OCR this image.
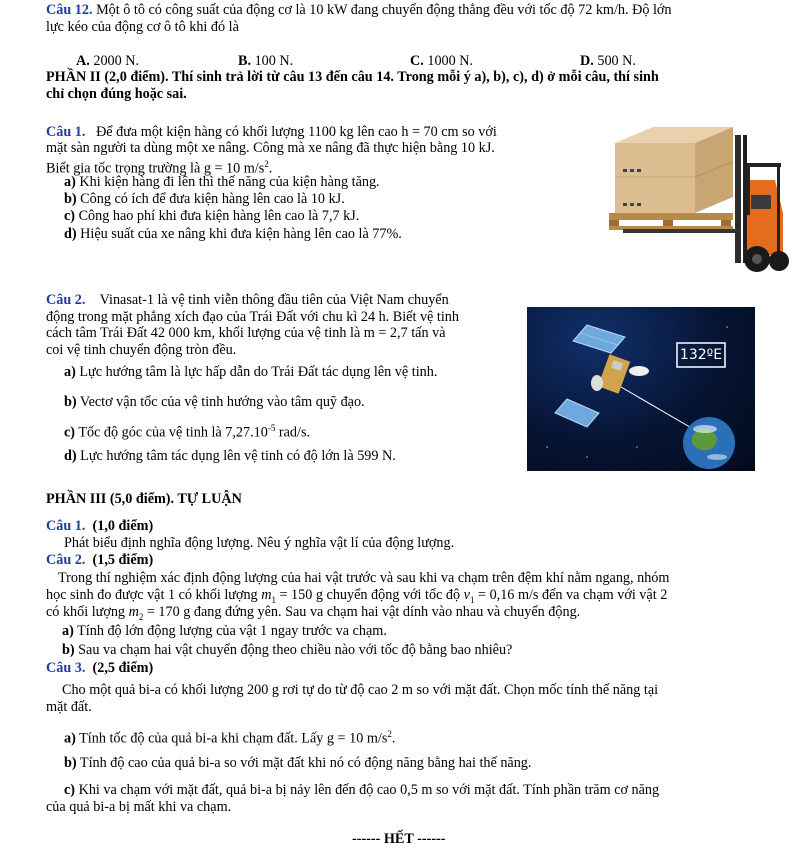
Câu 12. Một ô tô có công suất của động cơ là 10 kW đang chuyển động thẳng đều với tốc độ 72 km/h. Độ lớn
lực kéo của động cơ ô tô khi đó là
A. 2000 N.	B. 100 N.	C. 1000 N.	D. 500 N.
PHẦN II (2,0 điểm). Thí sinh trả lời từ câu 13 đến câu 14. Trong mỗi ý a), b), c), d) ở mỗi câu, thí sinh
chỉ chọn đúng hoặc sai.
Câu 1. Để đưa một kiện hàng có khối lượng 1100 kg lên cao h = 70 cm so với
mặt sàn người ta dùng một xe nâng. Công mà xe nâng đã thực hiện bằng 10 kJ.
Biết gia tốc trọng trường là g = 10 $m/s^2$.
a) Khi kiện hàng đi lên thì thế năng của kiện hàng tăng.
b) Công có ích để đưa kiện hàng lên cao là 10 kJ.
c) Công hao phí khi đưa kiện hàng lên cao là 7,7 kJ.
d) Hiệu suất của xe nâng khi đưa kiện hàng lên cao là 77%.
Câu 2. Vinasat-1 là vệ tinh viễn thông đầu tiên của Việt Nam chuyển
động trong mặt phẳng xích đạo của Trái Đất với chu kì 24 h. Biết vệ tinh
cách tâm Trái Đất 42 000 km, khối lượng của vệ tinh là m = 2,7 tấn và
coi vệ tinh chuyển động tròn đều.
a) Lực hướng tâm là lực hấp dẫn do Trái Đất tác dụng lên vệ tinh.
b) Vectơ vận tốc của vệ tinh hướng vào tâm quỹ đạo.
c) Tốc độ góc của vệ tinh là $7,27.10^{-5}$ rad/s.
d) Lực hướng tâm tác dụng lên vệ tinh có độ lớn là 599 N.
132ºE
PHẦN III (5,0 điểm). TỰ LUẬN
Câu 1. (1,0 điểm)
Phát biểu định nghĩa động lượng. Nêu ý nghĩa vật lí của động lượng.
Câu 2. (1,5 điểm)
Trong thí nghiệm xác định động lượng của hai vật trước và sau khi va chạm trên đệm khí nằm ngang, nhóm
học sinh đo được vật 1 có khối lượng $m_1 = 150$ g chuyển động với tốc độ $v_1 = 0,16$ m/s đến va chạm với vật 2
có khối lượng $m_2 = 170$ g đang đứng yên. Sau va chạm hai vật dính vào nhau và chuyển động.
a) Tính độ lớn động lượng của vật 1 ngay trước va chạm.
b) Sau va chạm hai vật chuyển động theo chiều nào với tốc độ bằng bao nhiêu?
Câu 3. (2,5 điểm)
Cho một quả bi-a có khối lượng 200 g rơi tự do từ độ cao 2 m so với mặt đất. Chọn mốc tính thế năng tại
mặt đất.
a) Tính tốc độ của quả bi-a khi chạm đất. Lấy g = 10 $m/s^2$.
b) Tính độ cao của quả bi-a so với mặt đất khi nó có động năng bằng hai thế năng.
c) Khi va chạm với mặt đất, quả bi-a bị nảy lên đến độ cao 0,5 m so với mặt đất. Tính phần trăm cơ năng
của quả bi-a bị mất khi va chạm.
------ HẾT ------
